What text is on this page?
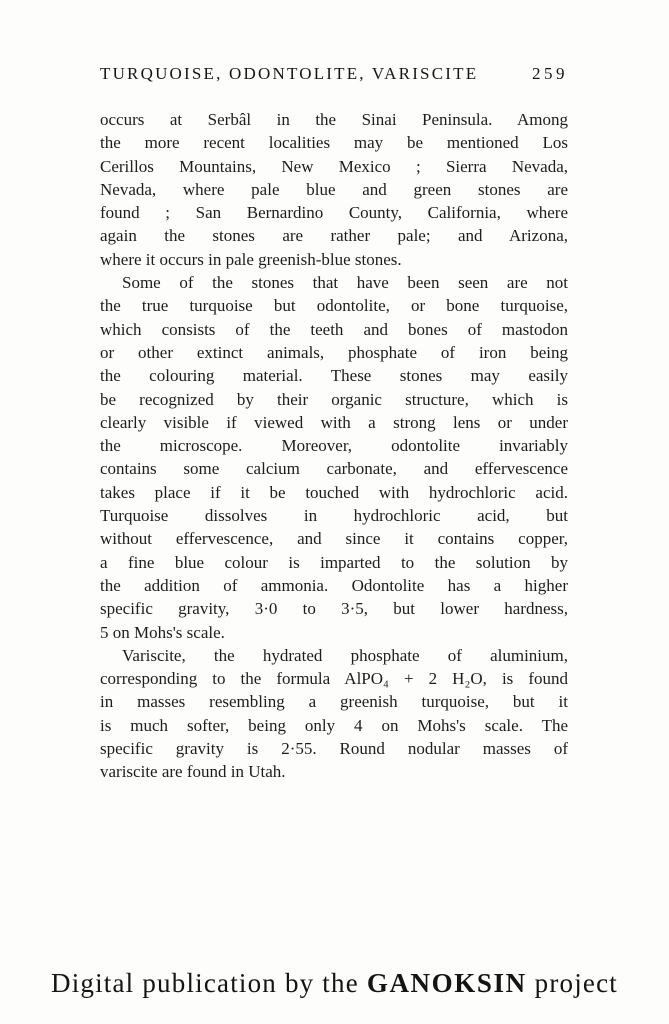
TURQUOISE, ODONTOLITE, VARISCITE	259
occurs at Serbâl in the Sinai Peninsula. Among
the more recent localities may be mentioned Los
Cerillos Mountains, New Mexico ; Sierra Nevada,
Nevada, where pale blue and green stones are
found ; San Bernardino County, California, where
again the stones are rather pale; and Arizona,
where it occurs in pale greenish-blue stones.
Some of the stones that have been seen are not
the true turquoise but odontolite, or bone turquoise,
which consists of the teeth and bones of mastodon
or other extinct animals, phosphate of iron being
the colouring material. These stones may easily
be recognized by their organic structure, which is
clearly visible if viewed with a strong lens or under
the microscope. Moreover, odontolite invariably
contains some calcium carbonate, and effervescence
takes place if it be touched with hydrochloric acid.
Turquoise dissolves in hydrochloric acid, but
without effervescence, and since it contains copper,
a fine blue colour is imparted to the solution by
the addition of ammonia. Odontolite has a higher
specific gravity, 3·0 to 3·5, but lower hardness,
5 on Mohs's scale.
Variscite, the hydrated phosphate of aluminium,
corresponding to the formula AlPO₄ + 2 H₂O, is found
in masses resembling a greenish turquoise, but it
is much softer, being only 4 on Mohs's scale. The
specific gravity is 2·55. Round nodular masses of
variscite are found in Utah.
Digital publication by the GANOKSIN project
